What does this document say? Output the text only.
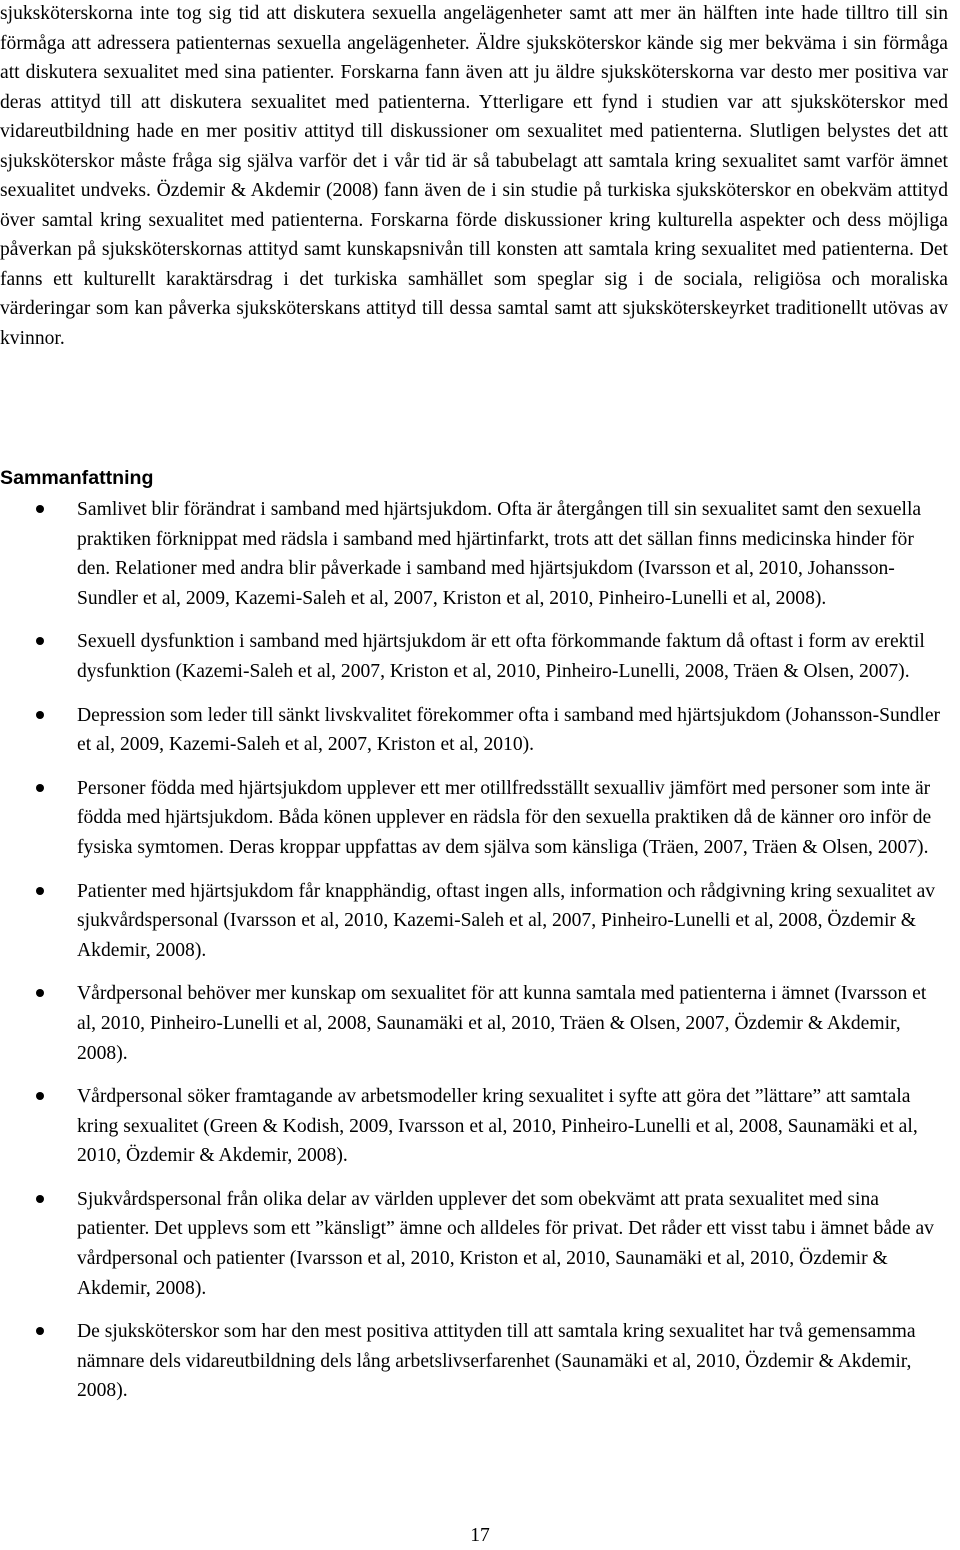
sjuksköterskorna inte tog sig tid att diskutera sexuella angelägenheter samt att mer än hälften inte hade tilltro till sin förmåga att adressera patienternas sexuella angelägenheter. Äldre sjuksköterskor kände sig mer bekväma i sin förmåga att diskutera sexualitet med sina patienter. Forskarna fann även att ju äldre sjuksköterskorna var desto mer positiva var deras attityd till att diskutera sexualitet med patienterna. Ytterligare ett fynd i studien var att sjuksköterskor med vidareutbildning hade en mer positiv attityd till diskussioner om sexualitet med patienterna. Slutligen belystes det att sjuksköterskor måste fråga sig själva varför det i vår tid är så tabubelagt att samtala kring sexualitet samt varför ämnet sexualitet undveks. Özdemir & Akdemir (2008) fann även de i sin studie på turkiska sjuksköterskor en obekväm attityd över samtal kring sexualitet med patienterna. Forskarna förde diskussioner kring kulturella aspekter och dess möjliga påverkan på sjuksköterskornas attityd samt kunskapsnivån till konsten att samtala kring sexualitet med patienterna. Det fanns ett kulturellt karaktärsdrag i det turkiska samhället som speglar sig i de sociala, religiösa och moraliska värderingar som kan påverka sjuksköterskans attityd till dessa samtal samt att sjuksköterskeyrket traditionellt utövas av kvinnor.

Sammanfattning
Samlivet blir förändrat i samband med hjärtsjukdom. Ofta är återgången till sin sexualitet samt den sexuella praktiken förknippat med rädsla i samband med hjärtinfarkt, trots att det sällan finns medicinska hinder för den. Relationer med andra blir påverkade i samband med hjärtsjukdom (Ivarsson et al, 2010, Johansson-Sundler et al, 2009, Kazemi-Saleh et al, 2007, Kriston et al, 2010, Pinheiro-Lunelli et al, 2008).
Sexuell dysfunktion i samband med hjärtsjukdom är ett ofta förkommande faktum då oftast i form av erektil dysfunktion (Kazemi-Saleh et al, 2007, Kriston et al, 2010, Pinheiro-Lunelli, 2008, Träen & Olsen, 2007).
Depression som leder till sänkt livskvalitet förekommer ofta i samband med hjärtsjukdom (Johansson-Sundler et al, 2009, Kazemi-Saleh et al, 2007, Kriston et al, 2010).
Personer födda med hjärtsjukdom upplever ett mer otillfredsställt sexualliv jämfört med personer som inte är födda med hjärtsjukdom. Båda könen upplever en rädsla för den sexuella praktiken då de känner oro inför de fysiska symtomen. Deras kroppar uppfattas av dem själva som känsliga (Träen, 2007, Träen & Olsen, 2007).
Patienter med hjärtsjukdom får knapphändig, oftast ingen alls, information och rådgivning kring sexualitet av sjukvårdspersonal (Ivarsson et al, 2010, Kazemi-Saleh et al, 2007, Pinheiro-Lunelli et al, 2008, Özdemir & Akdemir, 2008).
Vårdpersonal behöver mer kunskap om sexualitet för att kunna samtala med patienterna i ämnet (Ivarsson et al, 2010, Pinheiro-Lunelli et al, 2008, Saunamäki et al, 2010, Träen & Olsen, 2007, Özdemir & Akdemir, 2008).
Vårdpersonal söker framtagande av arbetsmodeller kring sexualitet i syfte att göra det ”lättare” att samtala kring sexualitet (Green & Kodish, 2009, Ivarsson et al, 2010, Pinheiro-Lunelli et al, 2008, Saunamäki et al, 2010, Özdemir & Akdemir, 2008).
Sjukvårdspersonal från olika delar av världen upplever det som obekvämt att prata sexualitet med sina patienter. Det upplevs som ett ”känsligt” ämne och alldeles för privat. Det råder ett visst tabu i ämnet både av vårdpersonal och patienter (Ivarsson et al, 2010, Kriston et al, 2010, Saunamäki et al, 2010, Özdemir & Akdemir, 2008).
De sjuksköterskor som har den mest positiva attityden till att samtala kring sexualitet har två gemensamma nämnare dels vidareutbildning dels lång arbetslivserfarenhet (Saunamäki et al, 2010, Özdemir & Akdemir, 2008).
17
